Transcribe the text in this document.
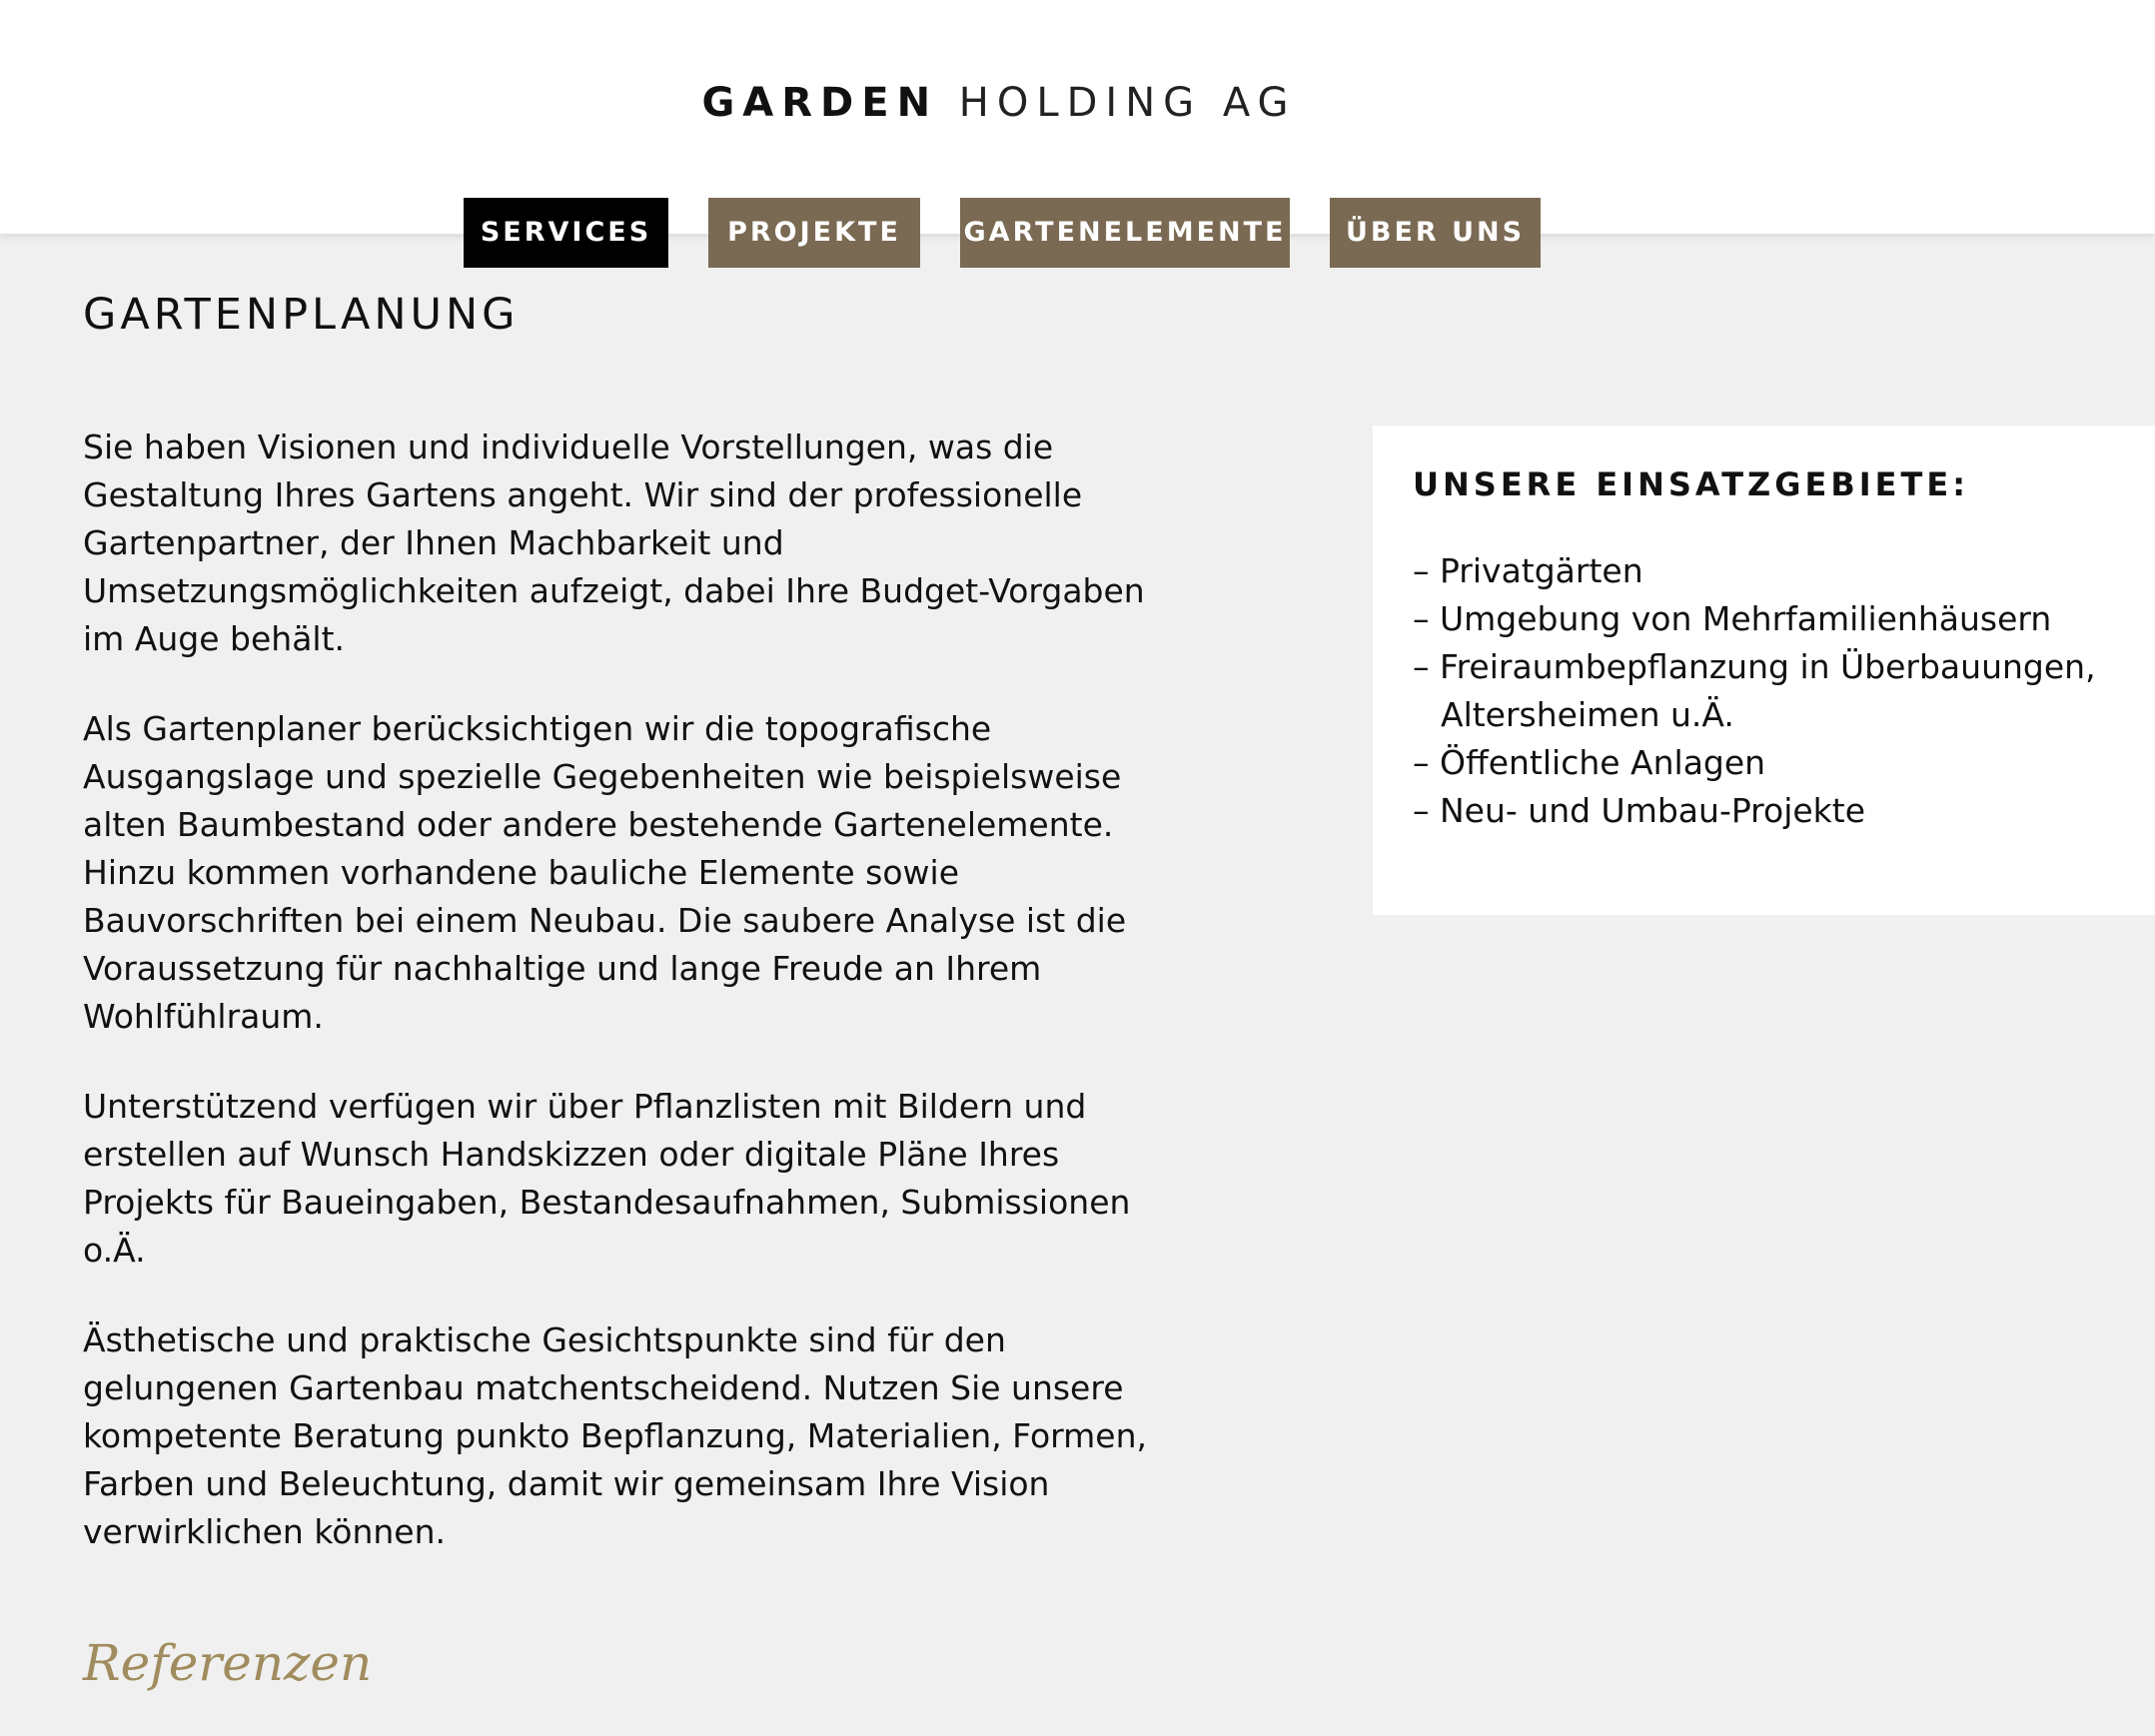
GARDEN HOLDING AG
SERVICES	PROJEKTE	GARTENELEMENTE	ÜBER UNS
GARTENPLANUNG

Sie haben Visionen und individuelle Vorstellungen, was die Gestaltung Ihres Gartens angeht. Wir sind der professionelle Gartenpartner, der Ihnen Machbarkeit und Umsetzungsmöglichkeiten aufzeigt, dabei Ihre Budget-Vorgaben im Auge behält.

Als Gartenplaner berücksichtigen wir die topografische Ausgangslage und spezielle Gegebenheiten wie beispielsweise alten Baumbestand oder andere bestehende Gartenelemente. Hinzu kommen vorhandene bauliche Elemente sowie Bauvorschriften bei einem Neubau. Die saubere Analyse ist die Voraussetzung für nachhaltige und lange Freude an Ihrem Wohlfühlraum.

Unterstützend verfügen wir über Pflanzlisten mit Bildern und erstellen auf Wunsch Handskizzen oder digitale Pläne Ihres Projekts für Baueingaben, Bestandesaufnahmen, Submissionen o.Ä.

Ästhetische und praktische Gesichtspunkte sind für den gelungenen Gartenbau matchentscheidend. Nutzen Sie unsere kompetente Beratung punkto Bepflanzung, Materialien, Formen, Farben und Beleuchtung, damit wir gemeinsam Ihre Vision verwirklichen können.

UNSERE EINSATZGEBIETE:
– Privatgärten
– Umgebung von Mehrfamilienhäusern
– Freiraumbepflanzung in Überbauungen, Altersheimen u.Ä.
– Öffentliche Anlagen
– Neu- und Umbau-Projekte
Referenzen
